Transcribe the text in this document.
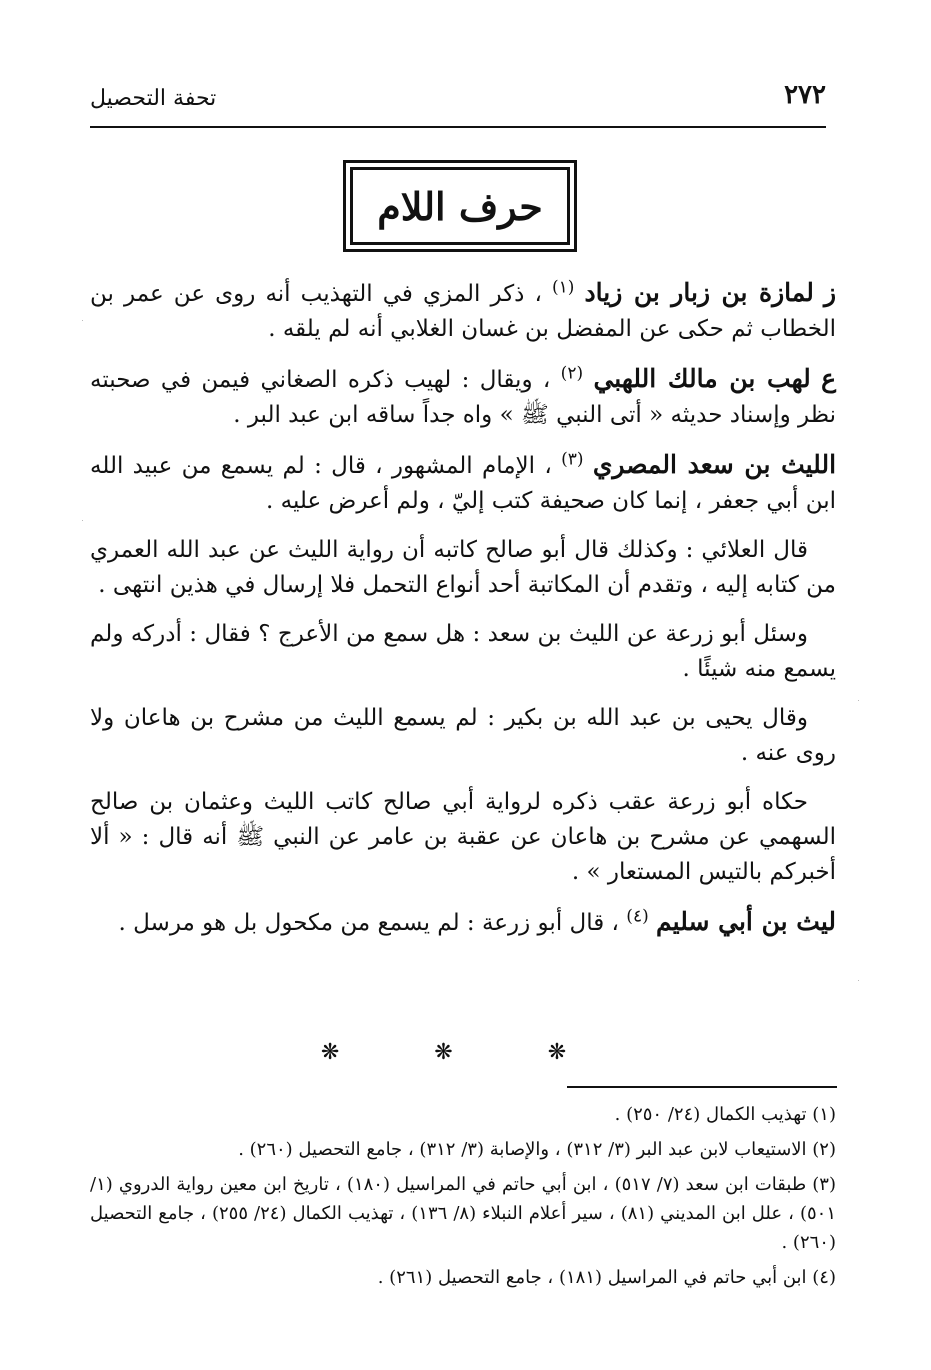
٢٧٢
تحفة التحصيل
حرف اللام

ز لمازة بن زبار بن زياد $^{(١)}$ ، ذكر المزي في التهذيب أنه روى عن عمر بن الخطاب ثم حكى عن المفضل بن غسان الغلابي أنه لم يلقه .

ع لهب بن مالك اللهبي $^{(٢)}$ ، ويقال : لهيب ذكره الصغاني فيمن في صحبته نظر وإسناد حديثه « أتى النبي ﷺ » واه جداً ساقه ابن عبد البر .

الليث بن سعد المصري $^{(٣)}$ ، الإمام المشهور ، قال : لم يسمع من عبيد الله ابن أبي جعفر ، إنما كان صحيفة كتب إليّ ، ولم أعرض عليه .

قال العلائي : وكذلك قال أبو صالح كاتبه أن رواية الليث عن عبد الله العمري من كتابه إليه ، وتقدم أن المكاتبة أحد أنواع التحمل فلا إرسال في هذين انتهى .

وسئل أبو زرعة عن الليث بن سعد : هل سمع من الأعرج ؟ فقال : أدركه ولم يسمع منه شيئًا .

وقال يحيى بن عبد الله بن بكير : لم يسمع الليث من مشرح بن هاعان ولا روى عنه .

حكاه أبو زرعة عقب ذكره لرواية أبي صالح كاتب الليث وعثمان بن صالح السهمي عن مشرح بن هاعان عن عقبة بن عامر عن النبي ﷺ أنه قال : « ألا أخبركم بالتيس المستعار » .

ليث بن أبي سليم $^{(٤)}$ ، قال أبو زرعة : لم يسمع من مكحول بل هو مرسل .

❋ ❋ ❋

(١) تهذيب الكمال (٢٤/ ٢٥٠) .

(٢) الاستيعاب لابن عبد البر (٣/ ٣١٢) ، والإصابة (٣/ ٣١٢) ، جامع التحصيل (٢٦٠) .

(٣) طبقات ابن سعد (٧/ ٥١٧) ، ابن أبي حاتم في المراسيل (١٨٠) ، تاريخ ابن معين رواية الدروي (١/ ٥٠١) ، علل ابن المديني (٨١) ، سير أعلام النبلاء (٨/ ١٣٦) ، تهذيب الكمال (٢٤/ ٢٥٥) ، جامع التحصيل (٢٦٠) .

(٤) ابن أبي حاتم في المراسيل (١٨١) ، جامع التحصيل (٢٦١) .
